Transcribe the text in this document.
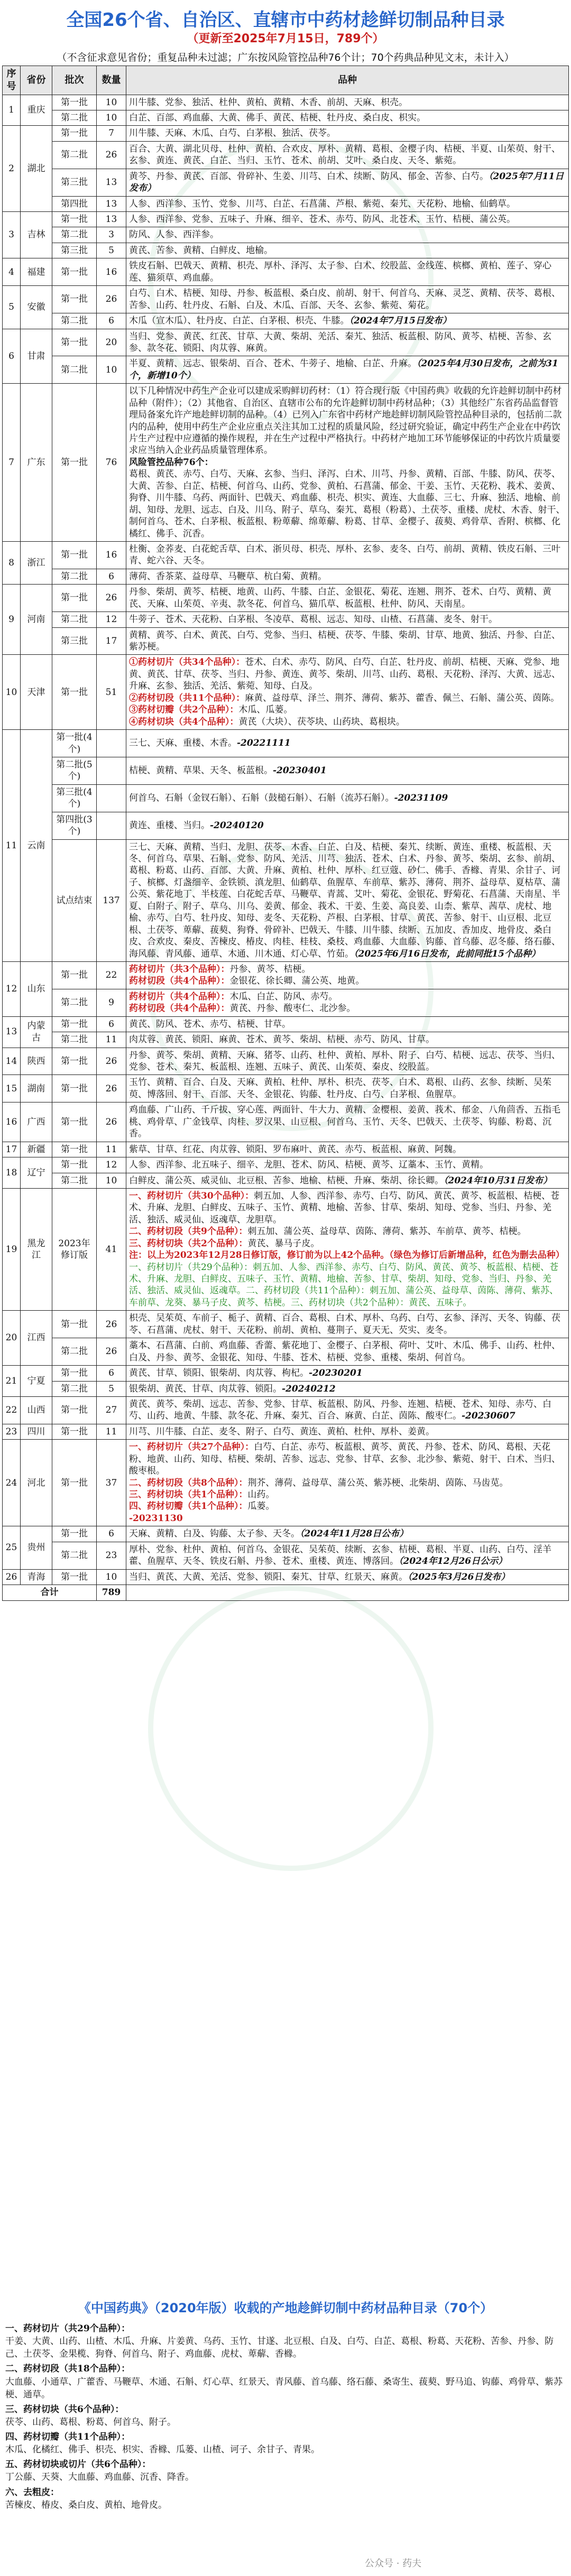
全国26个省、自治区、直辖市中药材趁鲜切制品种目录
（更新至2025年7月15日，789个）
（不含征求意见省份；重复品种未过滤；广东按风险管控品种76个计；70个药典品种见文末，未计入）
序号	省份	批次	数量	品种
1	重庆	第一批	10	川牛膝、党参、独活、杜仲、黄柏、黄精、木香、前胡、天麻、枳壳。
		第二批	10	白芷、百部、鸡血藤、大黄、佛手、黄芪、桔梗、牡丹皮、桑白皮、枳实。
2	湖北	第一批	7	川牛膝、天麻、木瓜、白芍、白茅根、独活、茯苓。
		第二批	26	百合、大黄、湖北贝母、杜仲、黄柏、合欢皮、厚朴、黄精、葛根、金樱子肉、桔梗、半夏、山茱萸、射干、玄参、黄连、黄芪、白芷、当归、玉竹、苍术、前胡、艾叶、桑白皮、天冬、紫菀。
		第三批	13	黄芩、丹参、黄芪、百部、骨碎补、生姜、川芎、白术、续断、防风、郁金、苦参、白芍。（2025年7月11日发布）
		第四批	13	人参、西洋参、玉竹、党参、川芎、白芷、石菖蒲、芦根、紫菀、秦艽、天花粉、地榆、仙鹤草。
3	吉林	第一批	13	人参、西洋参、党参、五味子、升麻、细辛、苍术、赤芍、防风、北苍术、玉竹、桔梗、蒲公英。
		第二批	3	防风、人参、西洋参。
		第三批	5	黄芪、苦参、黄精、白鲜皮、地榆。
4	福建	第一批	16	铁皮石斛、巴戟天、黄精、枳壳、厚朴、泽泻、太子参、白术、绞股蓝、金线莲、槟榔、黄柏、莲子、穿心莲、猫须草、鸡血藤。
5	安徽	第一批	26	白芍、白术、桔梗、知母、丹参、板蓝根、桑白皮、前胡、射干、何首乌、天麻、灵芝、黄精、茯苓、葛根、苦参、山药、牡丹皮、石斛、白及、木瓜、百部、天冬、玄参、紫菀、菊花。
		第二批	6	木瓜（宣木瓜）、牡丹皮、白芷、白茅根、枳壳、牛膝。（2024年7月15日发布）
6	甘肃	第一批	20	当归、党参、黄芪、红芪、甘草、大黄、柴胡、羌活、秦艽、独活、板蓝根、防风、黄芩、桔梗、苦参、玄参、款冬花、锁阳、肉苁蓉、麻黄。
		第二批	10	半夏、黄精、远志、银柴胡、百合、苍术、牛蒡子、地榆、白芷、升麻。（2025年4月30日发布，之前为31个，新增10个）
7	广东	第一批	76	以下几种情况中药生产企业可以建成采购鲜切药材：（1）符合现行版《中国药典》收载的允许趁鲜切制中药材品种（附件）；（2）其他省、自治区、直辖市公布的允许趁鲜切制中药材品种；（3）其他经广东省药品监督管理局备案允许产地趁鲜切制的品种。（4）已列入广东省中药材产地趁鲜切制风险管控品种目录的，包括前二款内的品种，使用中药生产企业应重点关注其加工过程的质量风险，经过研究验证，确定中药生产企业在中药饮片生产过程中应遵循的操作规程，并在生产过程中严格执行。中药材产地加工环节能够保证的中药饮片质量要求应当纳入企业药品质量管理体系。
风险管控品种76个：
葛根、黄芪、赤芍、白芍、天麻、玄参、当归、泽泻、白术、川芎、丹参、黄精、百部、牛膝、防风、茯苓、大黄、苦参、白芷、桔梗、何首乌、山药、党参、黄柏、石菖蒲、郁金、干姜、玉竹、天花粉、莪术、姜黄、狗脊、川牛膝、乌药、两面针、巴戟天、鸡血藤、枳壳、枳实、黄连、大血藤、三七、升麻、独活、地榆、前胡、知母、龙胆、远志、白及、川乌、附子、草乌、秦艽、葛根（粉葛）、土茯苓、重楼、虎杖、木香、射干、制何首乌、苍术、白茅根、板蓝根、粉萆薢、绵萆薢、粉葛、甘草、金樱子、菝葜、鸡骨草、香附、槟榔、化橘红、佛手、沉香。

8	浙江	第一批	16	杜衡、金荞麦、白花蛇舌草、白术、浙贝母、枳壳、厚朴、玄参、麦冬、白芍、前胡、黄精、铁皮石斛、三叶青、蛇六谷、天冬。
		第二批	6	薄荷、香茶菜、益母草、马鞭草、杭白菊、黄精。
9	河南	第一批	26	丹参、柴胡、黄芩、桔梗、地黄、山药、牛膝、白芷、金银花、菊花、连翘、荆芥、苍术、白芍、黄精、黄芪、天麻、山茱萸、辛夷、款冬花、何首乌、猫爪草、板蓝根、杜仲、防风、天南星。
		第二批	12	牛蒡子、苍术、天花粉、白茅根、冬凌草、葛根、远志、知母、山楂、石菖蒲、麦冬、射干。
		第三批	17	黄精、黄芩、白术、黄芪、白芍、党参、当归、桔梗、茯苓、牛膝、柴胡、甘草、地黄、独活、丹参、白芷、紫苏梗。
10	天津	第一批	51	①药材切片（共34个品种）：苍术、白术、赤芍、防风、白芍、白芷、牡丹皮、前胡、桔梗、天麻、党参、地黄、黄芪、甘草、茯苓、当归、丹参、黄连、黄芩、柴胡、川芎、山药、葛根、天花粉、泽泻、大黄、远志、升麻、玄参、独活、羌活、紫菀、知母、白及。
②药材切段（共11个品种）：麻黄、益母草、泽兰、荆芥、薄荷、紫苏、藿香、佩兰、石斛、蒲公英、茵陈。
③药材切瓣（共2个品种）：木瓜、瓜蒌。
④药材切块（共4个品种）：黄芪（大块）、茯苓块、山药块、葛根块。

11	云南	第一批(4个)		三七、天麻、重楼、木香。-20221111
		第二批(5个)		桔梗、黄精、草果、天冬、板蓝根。-20230401
		第三批(4个)		何首乌、石斛（金钗石斛）、石斛（鼓槌石斛）、石斛（流苏石斛）。-20231109
		第四批(3个)		黄连、重楼、当归。-20240120
		试点结束	137	三七、天麻、黄精、当归、龙胆、茯苓、木香、白芷、白及、桔梗、秦艽、续断、黄连、重楼、板蓝根、天冬、何首乌、草果、石斛、党参、防风、羌活、川芎、独活、苍术、白术、丹参、黄芩、柴胡、玄参、前胡、葛根、粉葛、山药、百部、大黄、升麻、黄柏、杜仲、厚朴、红豆蔻、砂仁、佛手、香橼、青果、余甘子、诃子、槟榔、灯盏细辛、金铁锁、滇龙胆、仙鹤草、鱼腥草、车前草、紫苏、薄荷、荆芥、益母草、夏枯草、蒲公英、紫花地丁、半枝莲、白花蛇舌草、马鞭草、青蒿、艾叶、菊花、金银花、野菊花、石菖蒲、天南星、半夏、白附子、附子、草乌、川乌、姜黄、郁金、莪术、干姜、生姜、高良姜、山柰、紫草、茜草、虎杖、地榆、赤芍、白芍、牡丹皮、知母、麦冬、天花粉、芦根、白茅根、甘草、黄芪、苦参、射干、山豆根、北豆根、土茯苓、萆薢、菝葜、狗脊、骨碎补、巴戟天、牛膝、川牛膝、续断、五加皮、香加皮、地骨皮、桑白皮、合欢皮、秦皮、苦楝皮、椿皮、肉桂、桂枝、桑枝、鸡血藤、大血藤、钩藤、首乌藤、忍冬藤、络石藤、海风藤、青风藤、通草、木通、川木通、灯心草、竹茹。（2025年6月16日发布，此前同批15个品种）
12	山东	第一批	22	药材切片（共3个品种）：丹参、黄芩、桔梗。
药材切段（共4个品种）：金银花、徐长卿、蒲公英、地黄。

		第二批	9	药材切片（共4个品种）：木瓜、白芷、防风、赤芍。
药材切段（共4个品种）：黄芪、丹参、酸枣仁、北沙参。

13	内蒙古	第一批	6	黄芪、防风、苍术、赤芍、桔梗、甘草。
		第二批	11	肉苁蓉、黄芪、锁阳、麻黄、苍术、黄芩、柴胡、桔梗、赤芍、防风、甘草。
14	陕西	第一批	26	丹参、黄芩、柴胡、黄精、天麻、猪苓、山药、杜仲、黄柏、厚朴、附子、白芍、桔梗、远志、茯苓、当归、党参、苍术、秦艽、板蓝根、连翘、五味子、黄芪、山茱萸、秦皮、绞股蓝。
15	湖南	第一批	26	玉竹、黄精、百合、白及、天麻、黄柏、杜仲、厚朴、枳壳、茯苓、白术、葛根、山药、玄参、续断、吴茱萸、博落回、射干、百部、天冬、金银花、钩藤、牡丹皮、白芍、白茅根、鱼腥草。
16	广西	第一批	26	鸡血藤、广山药、千斤拔、穿心莲、两面针、牛大力、黄精、金樱根、姜黄、莪术、郁金、八角茴香、五指毛桃、鸡骨草、广金钱草、肉桂、罗汉果、山豆根、何首乌、玉竹、天冬、巴戟天、土茯苓、钩藤、粉葛、沉香。
17	新疆	第一批	11	紫草、甘草、红花、肉苁蓉、锁阳、罗布麻叶、黄芪、赤芍、板蓝根、麻黄、阿魏。
18	辽宁	第一批	12	人参、西洋参、北五味子、细辛、龙胆、苍术、防风、桔梗、黄芩、辽藁本、玉竹、黄精。
		第二批	10	白鲜皮、蒲公英、威灵仙、北豆根、苦参、地榆、桔梗、升麻、柴胡、徐长卿。（2024年10月31日发布）
19	黑龙江	2023年修订版	41	一、药材切片（共30个品种）：刺五加、人参、西洋参、赤芍、白芍、防风、黄芪、黄芩、板蓝根、桔梗、苍术、升麻、龙胆、白鲜皮、五味子、玉竹、黄精、地榆、苦参、甘草、柴胡、知母、党参、当归、丹参、羌活、独活、威灵仙、返魂草、龙胆草。
二、药材切段（共9个品种）：刺五加、蒲公英、益母草、茵陈、薄荷、紫苏、车前草、黄芩、桔梗。
三、药材切块（共2个品种）：黄芪、暴马子皮。
注：以上为2023年12月28日修订版，修订前为以上42个品种。（绿色为修订后新增品种，红色为删去品种）
一、药材切片（共29个品种）：刺五加、人参、西洋参、赤芍、白芍、防风、黄芪、黄芩、板蓝根、桔梗、苍术、升麻、龙胆、白鲜皮、五味子、玉竹、黄精、地榆、苦参、甘草、柴胡、知母、党参、当归、丹参、羌活、独活、威灵仙、返魂草。二、药材切段（共11个品种）：刺五加、蒲公英、益母草、茵陈、薄荷、紫苏、车前草、龙葵、暴马子皮、黄芩、桔梗。三、药材切块（共2个品种）：黄芪、五味子。

20	江西	第一批	26	枳壳、吴茱萸、车前子、栀子、黄精、百合、葛根、白术、厚朴、乌药、白芍、玄参、泽泻、天冬、钩藤、茯苓、石菖蒲、虎杖、射干、天花粉、前胡、黄柏、蔓荆子、夏天无、芡实、麦冬。
		第二批	26	藁本、石菖蒲、白前、鸡血藤、香薷、紫花地丁、金樱子、白茅根、荷叶、艾叶、木瓜、佛手、山药、杜仲、白及、丹参、黄芩、金银花、知母、牛膝、苍术、桔梗、党参、重楼、柴胡、何首乌。
21	宁夏	第一批	6	黄芪、甘草、锁阳、银柴胡、肉苁蓉、枸杞。-20230201
		第二批	5	银柴胡、黄芪、甘草、肉苁蓉、锁阳。-20240212
22	山西	第一批	27	黄芪、黄芩、柴胡、远志、苦参、党参、甘草、板蓝根、防风、丹参、连翘、桔梗、苍术、知母、赤芍、白芍、山药、地黄、牛膝、款冬花、升麻、秦艽、百合、麻黄、白芷、茵陈、酸枣仁。-20230607
23	四川	第一批	11	川芎、川牛膝、白芷、麦冬、附子、白芍、黄连、黄柏、杜仲、厚朴、姜黄。
24	河北	第一批	37	一、药材切片（共27个品种）：白芍、白芷、赤芍、板蓝根、黄芩、黄芪、丹参、苍术、防风、葛根、天花粉、地黄、山药、知母、桔梗、柴胡、苦参、远志、党参、甘草、玄参、北沙参、紫菀、射干、白术、当归、酸枣根。
二、药材切段（共8个品种）：荆芥、薄荷、益母草、蒲公英、紫苏梗、北柴胡、茵陈、马齿苋。
三、药材切块（共1个品种）：山药。
四、药材切瓣（共1个品种）：瓜蒌。
-20231130

25	贵州	第一批	6	天麻、黄精、白及、钩藤、太子参、天冬。（2024年11月28日公布）
		第二批	23	厚朴、党参、杜仲、黄柏、何首乌、金银花、吴茱萸、续断、玄参、桔梗、葛根、半夏、山药、白芍、淫羊藿、鱼腥草、天冬、铁皮石斛、丹参、苍术、重楼、黄连、博落回。（2024年12月26日公示）
26	青海	第一批	10	当归、黄芪、大黄、羌活、党参、锁阳、秦艽、甘草、红景天、麻黄。（2025年3月26日发布）
合计			789	
《中国药典》（2020年版）收载的产地趁鲜切制中药材品种目录（70个）
一、药材切片（共29个品种）：
干姜、大黄、山药、山楂、木瓜、升麻、片姜黄、乌药、玉竹、甘遂、北豆根、白及、白芍、白芷、葛根、粉葛、天花粉、苦参、丹参、防己、土茯苓、金果榄、狗脊、何首乌、附子、鸡血藤、虎杖、萆薢、香橼。
二、药材切段（共18个品种）：
大血藤、小通草、广藿香、马鞭草、木通、石斛、灯心草、红景天、青风藤、首乌藤、络石藤、桑寄生、菝葜、野马追、钩藤、鸡骨草、紫苏梗、通草。
三、药材切块（共6个品种）：
茯苓、山药、葛根、粉葛、何首乌、附子。
四、药材切瓣（共11个品种）：
木瓜、化橘红、佛手、枳壳、枳实、香橼、瓜蒌、山楂、诃子、余甘子、青果。
五、药材切块或切片（共6个品种）：
丁公藤、天葵、大血藤、鸡血藤、沉香、降香。
六、去粗皮：
苦楝皮、椿皮、桑白皮、黄柏、地骨皮。
公众号 · 药夫
